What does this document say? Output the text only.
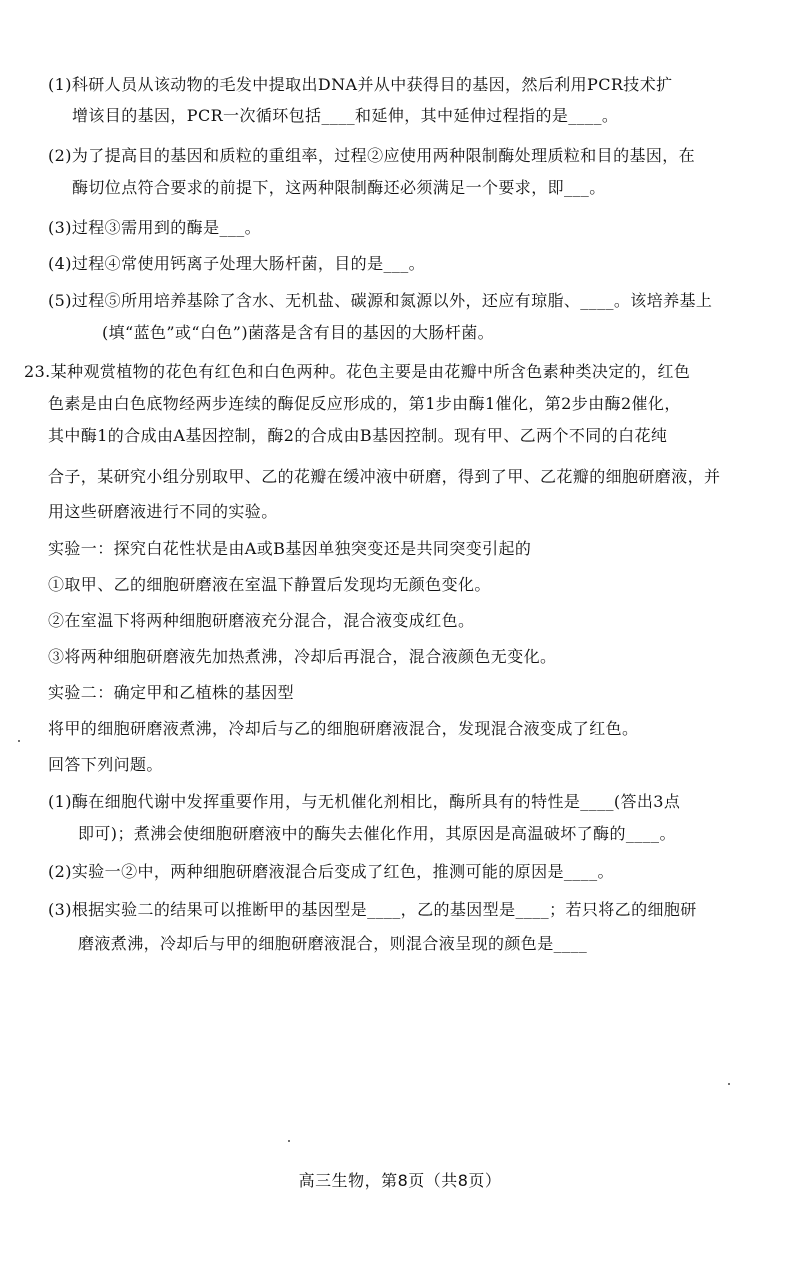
(1)科研人员从该动物的毛发中提取出DNA并从中获得目的基因，然后利用PCR技术扩
增该目的基因，PCR一次循环包括____和延伸，其中延伸过程指的是____。
(2)为了提高目的基因和质粒的重组率，过程②应使用两种限制酶处理质粒和目的基因，在
酶切位点符合要求的前提下，这两种限制酶还必须满足一个要求，即___。
(3)过程③需用到的酶是___。
(4)过程④常使用钙离子处理大肠杆菌，目的是___。
(5)过程⑤所用培养基除了含水、无机盐、碳源和氮源以外，还应有琼脂、____。该培养基上
(填“蓝色”或“白色”)菌落是含有目的基因的大肠杆菌。
23.某种观赏植物的花色有红色和白色两种。花色主要是由花瓣中所含色素种类决定的，红色
色素是由白色底物经两步连续的酶促反应形成的，第1步由酶1催化，第2步由酶2催化，
其中酶1的合成由A基因控制，酶2的合成由B基因控制。现有甲、乙两个不同的白花纯
合子，某研究小组分别取甲、乙的花瓣在缓冲液中研磨，得到了甲、乙花瓣的细胞研磨液，并
用这些研磨液进行不同的实验。
实验一：探究白花性状是由A或B基因单独突变还是共同突变引起的
①取甲、乙的细胞研磨液在室温下静置后发现均无颜色变化。
②在室温下将两种细胞研磨液充分混合，混合液变成红色。
③将两种细胞研磨液先加热煮沸，冷却后再混合，混合液颜色无变化。
实验二：确定甲和乙植株的基因型
将甲的细胞研磨液煮沸，冷却后与乙的细胞研磨液混合，发现混合液变成了红色。
回答下列问题。
(1)酶在细胞代谢中发挥重要作用，与无机催化剂相比，酶所具有的特性是____(答出3点
即可)；煮沸会使细胞研磨液中的酶失去催化作用，其原因是高温破坏了酶的____。
(2)实验一②中，两种细胞研磨液混合后变成了红色，推测可能的原因是____。
(3)根据实验二的结果可以推断甲的基因型是____，乙的基因型是____；若只将乙的细胞研
磨液煮沸，冷却后与甲的细胞研磨液混合，则混合液呈现的颜色是____
高三生物，第8页（共8页）
